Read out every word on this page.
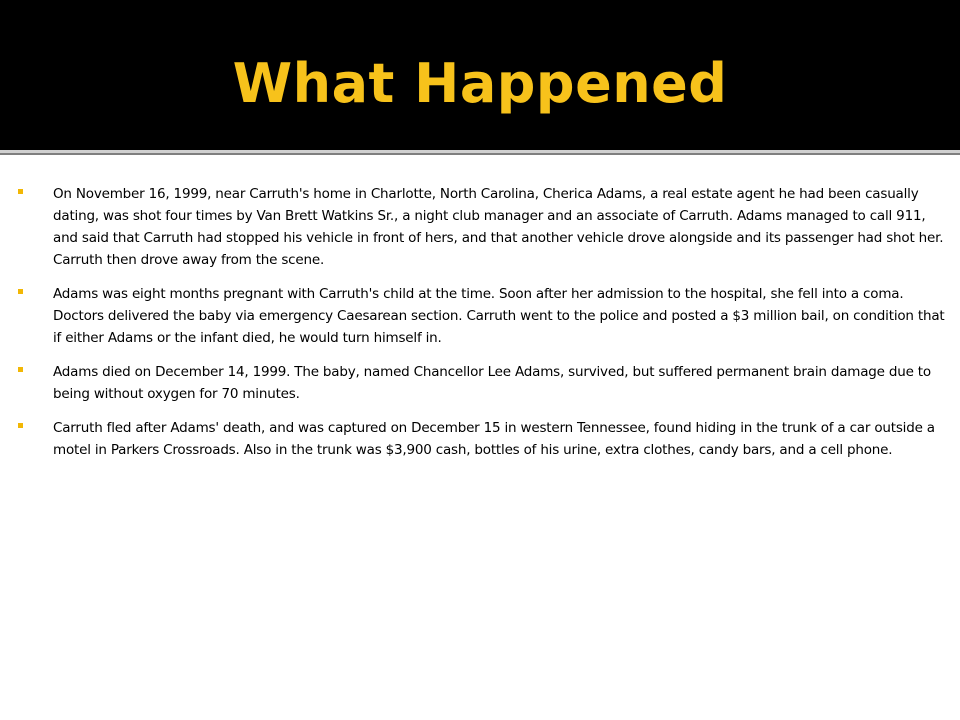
What Happened
On November 16, 1999, near Carruth's home in Charlotte, North Carolina, Cherica Adams, a real estate agent he had been casually dating, was shot four times by Van Brett Watkins Sr., a night club manager and an associate of Carruth. Adams managed to call 911, and said that Carruth had stopped his vehicle in front of hers, and that another vehicle drove alongside and its passenger had shot her. Carruth then drove away from the scene.
Adams was eight months pregnant with Carruth's child at the time. Soon after her admission to the hospital, she fell into a coma. Doctors delivered the baby via emergency Caesarean section. Carruth went to the police and posted a $3 million bail, on condition that if either Adams or the infant died, he would turn himself in.
Adams died on December 14, 1999. The baby, named Chancellor Lee Adams, survived, but suffered permanent brain damage due to being without oxygen for 70 minutes.
Carruth fled after Adams' death, and was captured on December 15 in western Tennessee, found hiding in the trunk of a car outside a motel in Parkers Crossroads. Also in the trunk was $3,900 cash, bottles of his urine, extra clothes, candy bars, and a cell phone.
